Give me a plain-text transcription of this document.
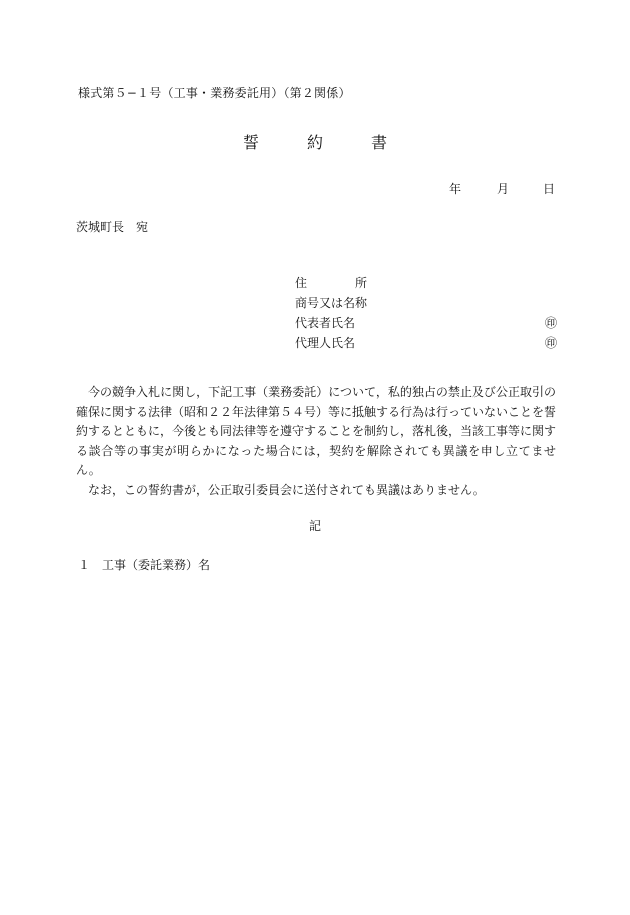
様式第５−１号（工事・業務委託用）（第２関係）
誓	約	書
年	月	日
茨城町長　宛
住	所
商号又は名称
代表者氏名	㊞
代理人氏名	㊞

今の競争入札に関し，下記工事（業務委託）について，私的独占の禁止及び公正取引の確保に関する法律（昭和２２年法律第５４号）等に抵触する行為は行っていないことを誓約するとともに，今後とも同法律等を遵守することを制約し，落札後，当該工事等に関する談合等の事実が明らかになった場合には，契約を解除されても異議を申し立てません。

なお，この誓約書が，公正取引委員会に送付されても異議はありません。

記
１ 工事（委託業務）名
